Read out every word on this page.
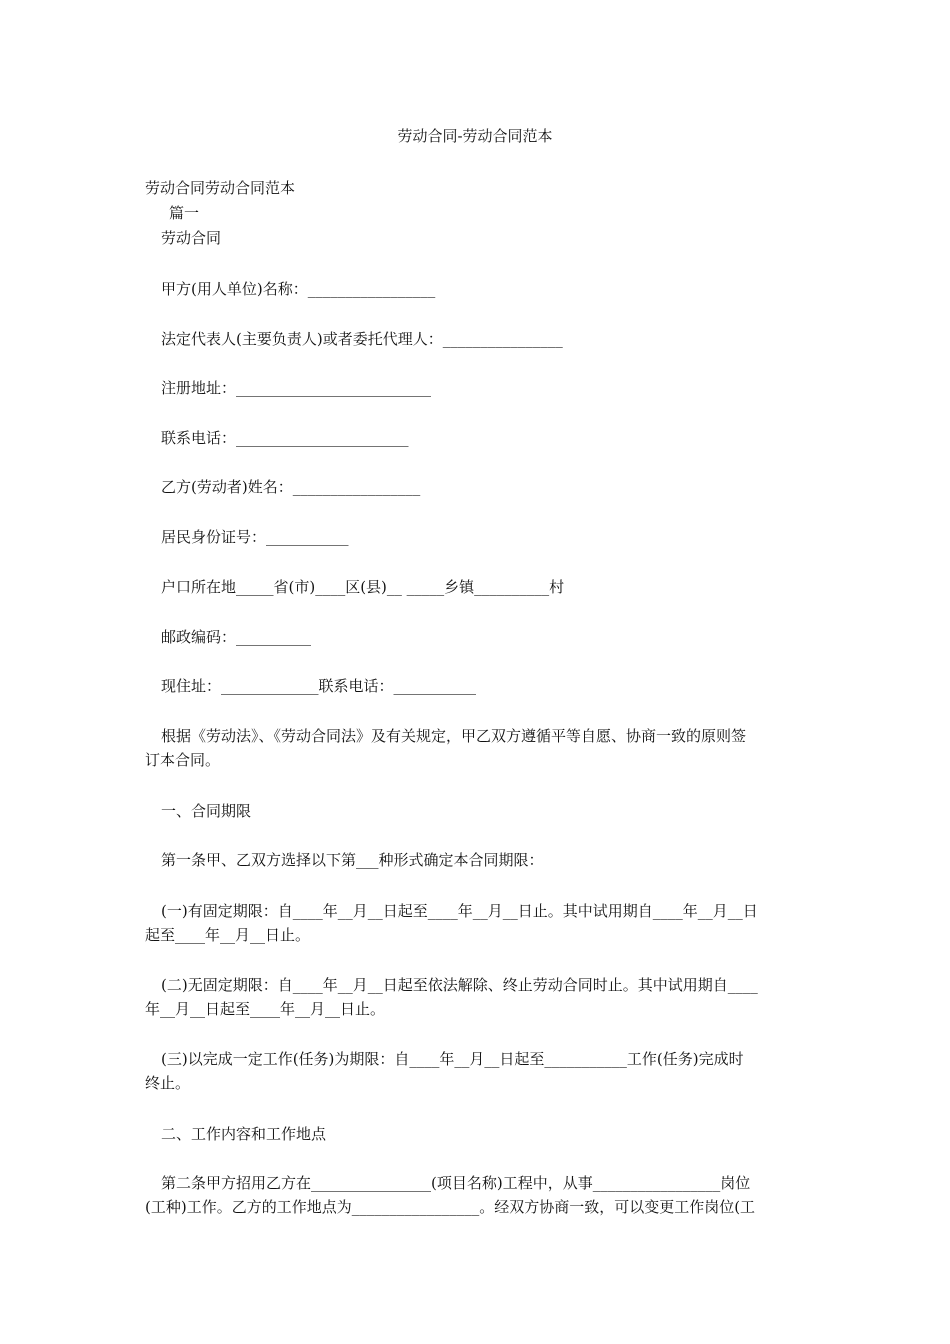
劳动合同-劳动合同范本
劳动合同劳动合同范本
篇一
劳动合同
甲方(用人单位)名称：_________________
法定代表人(主要负责人)或者委托代理人：________________
注册地址：__________________________
联系电话：_______________________
乙方(劳动者)姓名：_________________
居民身份证号：___________
户口所在地_____省(市)____区(县)__ _____乡镇__________村
邮政编码：__________
现住址：_____________联系电话：___________
根据《劳动法》、《劳动合同法》及有关规定，甲乙双方遵循平等自愿、协商一致的原则签
订本合同。
一、合同期限
第一条甲、乙双方选择以下第___种形式确定本合同期限：
(一)有固定期限：自____年__月__日起至____年__月__日止。其中试用期自____年__月__日
起至____年__月__日止。
(二)无固定期限：自____年__月__日起至依法解除、终止劳动合同时止。其中试用期自____
年__月__日起至____年__月__日止。
(三)以完成一定工作(任务)为期限：自____年__月__日起至___________工作(任务)完成时
终止。
二、工作内容和工作地点
第二条甲方招用乙方在________________(项目名称)工程中，从事_________________岗位
(工种)工作。乙方的工作地点为_________________。经双方协商一致，可以变更工作岗位(工
